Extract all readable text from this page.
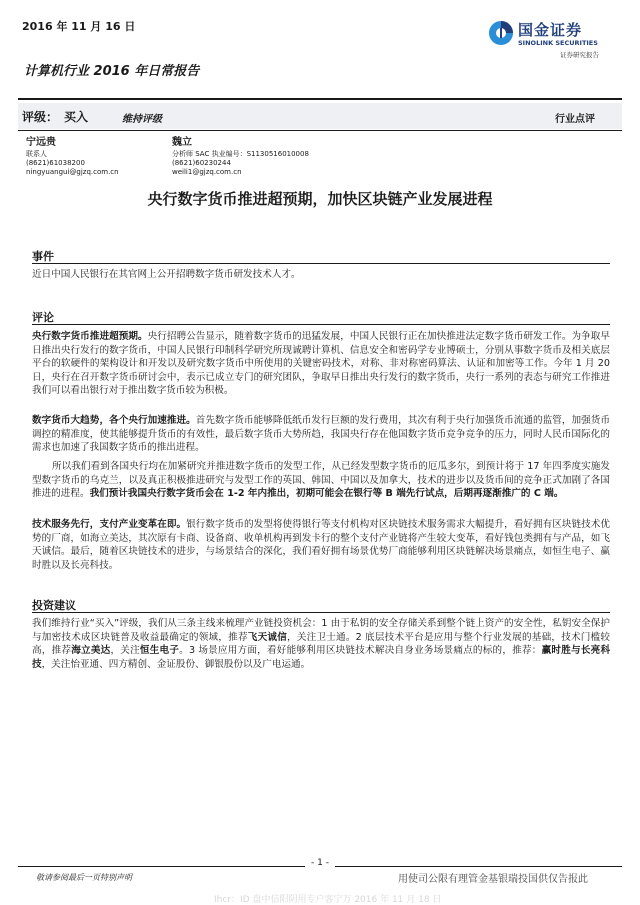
2016 年 11 月 16 日
计算机行业 2016 年日常报告
国金证券
SINOLINK SECURITIES
证券研究报告
评级： 买入	维持评级	行业点评
宁远贵
联系人
(8621)61038200
ningyuangui@gjzq.com.cn
魏立
分析师 SAC 执业编号：S1130516010008
(8621)60230244
weili1@gjzq.com.cn
央行数字货币推进超预期，加快区块链产业发展进程
事件
近日中国人民银行在其官网上公开招聘数字货币研发技术人才。
评论
央行数字货币推进超预期。央行招聘公告显示，随着数字货币的迅猛发展，中国人民银行正在加快推进法定数字货币研发工作。为争取早日推出央行发行的数字货币，中国人民银行印制科学研究所现诚聘计算机、信息安全和密码学专业博硕士，分别从事数字货币及相关底层平台的软硬件的架构设计和开发以及研究数字货币中所使用的关键密码技术，对称、非对称密码算法、认证和加密等工作。今年 1 月 20 日，央行在召开数字货币研讨会中，表示已成立专门的研究团队，争取早日推出央行发行的数字货币，央行一系列的表态与研究工作推进我们可以看出银行对于推出数字货币较为积极。
数字货币大趋势，各个央行加速推进。首先数字货币能够降低纸币发行巨额的发行费用，其次有利于央行加强货币流通的监管，加强货币调控的精准度，使其能够提升货币的有效性，最后数字货币大势所趋，我国央行存在他国数字货币竞争竞争的压力，同时人民币国际化的需求也加速了我国数字货币的推出进程。
所以我们看到各国央行均在加紧研究并推进数字货币的发型工作，从已经发型数字货币的厄瓜多尔，到预计将于 17 年四季度实施发型数字货币的乌克兰，以及真正积极推进研究与发型工作的英国、韩国、中国以及加拿大，技术的进步以及货币间的竞争正式加剧了各国推进的进程。我们预计我国央行数字货币会在 1-2 年内推出，初期可能会在银行等 B 端先行试点，后期再逐渐推广的 C 端。
技术服务先行，支付产业变革在即。银行数字货币的发型将使得银行等支付机构对区块链技术服务需求大幅提升，看好拥有区块链技术优势的厂商，如海立美达，其次原有卡商、设备商、收单机构再到发卡行的整个支付产业链将产生较大变革，看好钱包类拥有与产品，如飞天诚信。最后，随着区块链技术的进步，与场景结合的深化，我们看好拥有场景优势厂商能够利用区块链解决场景痛点，如恒生电子、赢时胜以及长亮科技。
投资建议
我们维持行业“买入”评级，我们从三条主线来梳理产业链投资机会：1 由于私钥的安全存储关系到整个链上资产的安全性，私钥安全保护与加密技术成区块链普及收益最确定的领域，推荐飞天诚信，关注卫士通。2 底层技术平台是应用与整个行业发展的基础，技术门槛较高，推荐海立美达，关注恒生电子。3 场景应用方面，看好能够利用区块链技术解决自身业务场景痛点的标的，推荐：赢时胜与长亮科技，关注怡亚通、四方精创、金证股份、御银股份以及广电运通。
- 1 -
敬请参阅最后一页特别声明	用使司公限有理管金基银瑞投国供仅告报此
Ihcr：ID 盘中信阳阴用专户客宁万 2016 年 11 月 18 日
